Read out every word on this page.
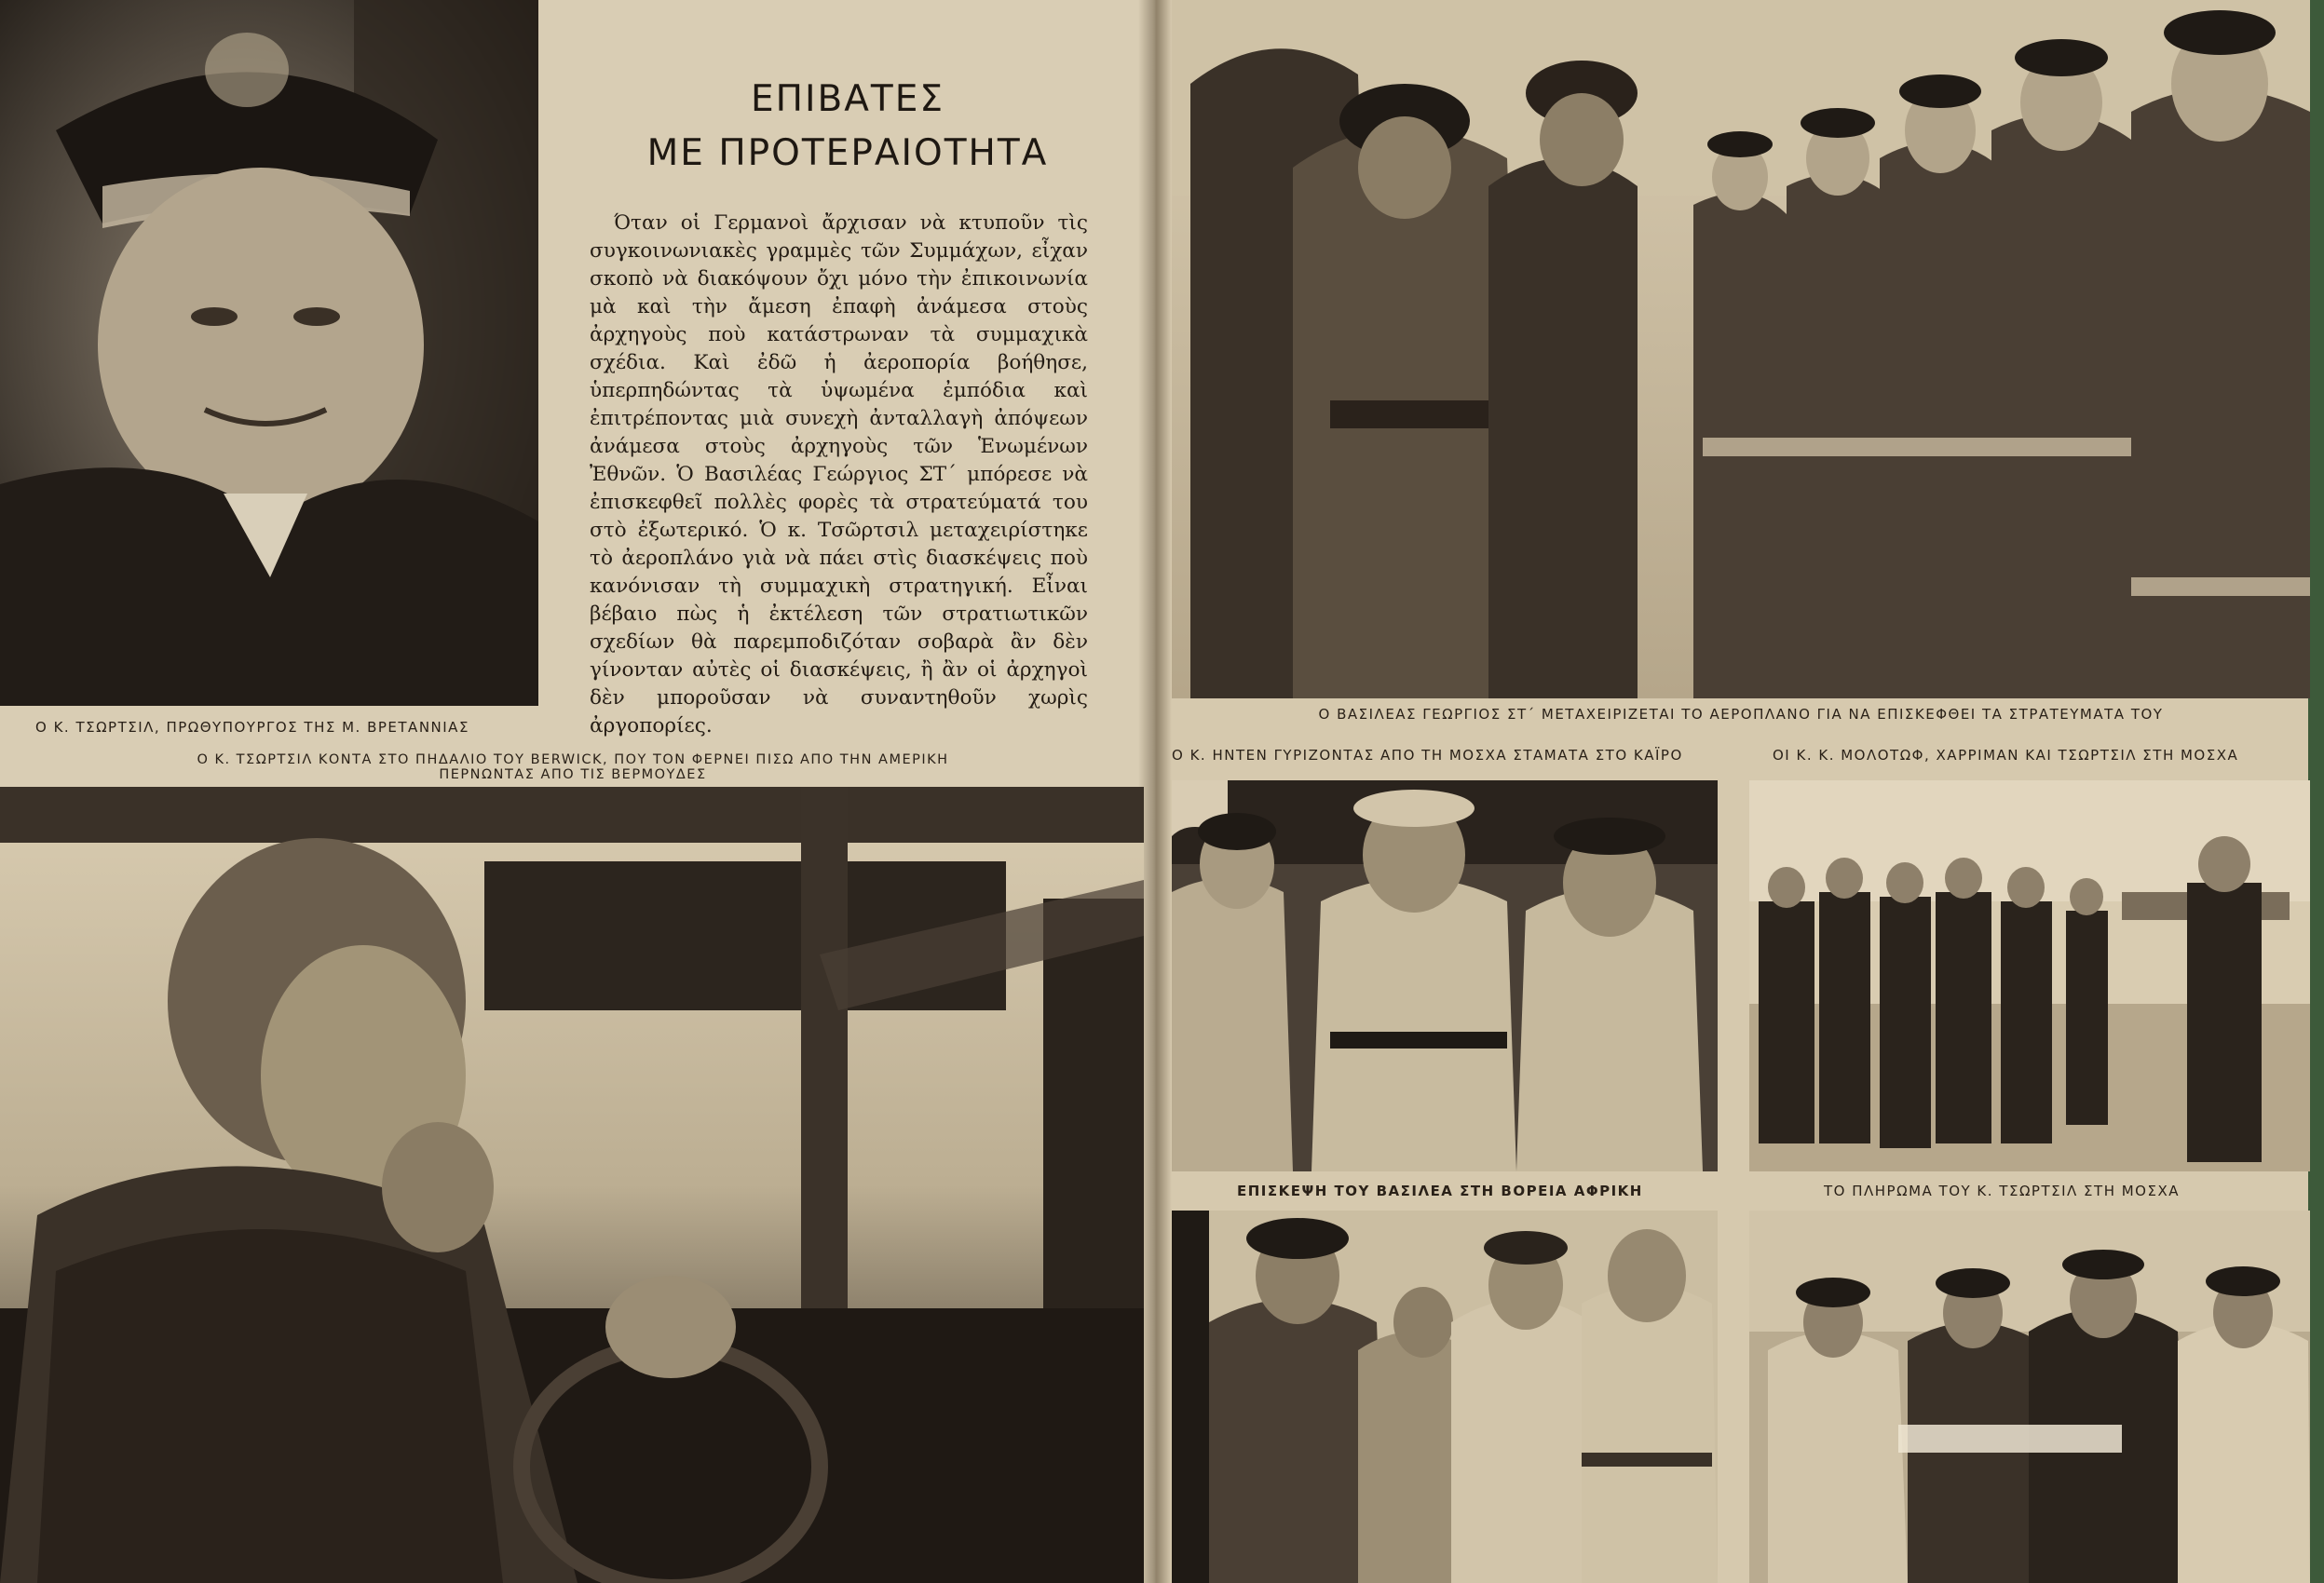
ΕΠΙΒΑΤΕΣ
ΜΕ ΠΡΟΤΕΡΑΙΟΤΗΤΑ
Όταν οἱ Γερμανοὶ ἄρχισαν νὰ κτυποῦν τὶς συγκοινωνιακὲς γραμμὲς τῶν Συμμάχων, εἶχαν σκοπὸ νὰ διακόψουν ὄχι μόνο τὴν ἐπικοινωνία μὰ καὶ τὴν ἄμεση ἐπαφὴ ἀνάμεσα στοὺς ἀρχηγοὺς ποὺ κατάστρωναν τὰ συμμαχικὰ σχέδια. Καὶ ἐδῶ ἡ ἀεροπορία βοήθησε, ὑπερπηδώντας τὰ ὑψωμένα ἐμπόδια καὶ ἐπιτρέποντας μιὰ συνεχὴ ἀνταλλαγὴ ἀπόψεων ἀνάμεσα στοὺς ἀρχηγοὺς τῶν Ἑνωμένων Ἐθνῶν. Ὁ Βασιλέας Γεώργιος ΣΤ΄ μπόρεσε νὰ ἐπισκεφθεῖ πολλὲς φορὲς τὰ στρατεύματά του στὸ ἐξωτερικό. Ὁ κ. Τσῶρτσιλ μεταχειρίστηκε τὸ ἀεροπλάνο γιὰ νὰ πάει στὶς διασκέψεις ποὺ κανόνισαν τὴ συμμαχικὴ στρατηγική. Εἶναι βέβαιο πὼς ἡ ἐκτέλεση τῶν στρατιωτικῶν σχεδίων θὰ παρεμποδιζόταν σοβαρὰ ἂν δὲν γίνονταν αὐτὲς οἱ διασκέψεις, ἢ ἂν οἱ ἀρχηγοὶ δὲν μποροῦσαν νὰ συναντηθοῦν χωρὶς ἀργοπορίες.
Ο Κ. ΤΣΩΡΤΣΙΛ, ΠΡΩΘΥΠΟΥΡΓΟΣ ΤΗΣ Μ. ΒΡΕΤΑΝΝΙΑΣ
Ο Κ. ΤΣΩΡΤΣΙΛ ΚΟΝΤΑ ΣΤΟ ΠΗΔΑΛΙΟ ΤΟΥ BERWICK, ΠΟΥ ΤΟΝ ΦΕΡΝΕΙ ΠΙΣΩ ΑΠΟ ΤΗΝ ΑΜΕΡΙΚΗ
ΠΕΡΝΩΝΤΑΣ ΑΠΟ ΤΙΣ ΒΕΡΜΟΥΔΕΣ
Ο ΒΑΣΙΛΕΑΣ ΓΕΩΡΓΙΟΣ ΣΤ΄ ΜΕΤΑΧΕΙΡΙΖΕΤΑΙ ΤΟ ΑΕΡΟΠΛΑΝΟ ΓΙΑ ΝΑ ΕΠΙΣΚΕΦΘΕΙ ΤΑ ΣΤΡΑΤΕΥΜΑΤΑ ΤΟΥ
Ο Κ. ΗΝΤΕΝ ΓΥΡΙΖΟΝΤΑΣ ΑΠΟ ΤΗ ΜΟΣΧΑ ΣΤΑΜΑΤΑ ΣΤΟ ΚΑΪΡΟ	ΟΙ Κ. Κ. ΜΟΛΟΤΩΦ, ΧΑΡΡΙΜΑΝ ΚΑΙ ΤΣΩΡΤΣΙΛ ΣΤΗ ΜΟΣΧΑ
ΕΠΙΣΚΕΨΗ ΤΟΥ ΒΑΣΙΛΕΑ ΣΤΗ ΒΟΡΕΙΑ ΑΦΡΙΚΗ	ΤΟ ΠΛΗΡΩΜΑ ΤΟΥ Κ. ΤΣΩΡΤΣΙΛ ΣΤΗ ΜΟΣΧΑ
